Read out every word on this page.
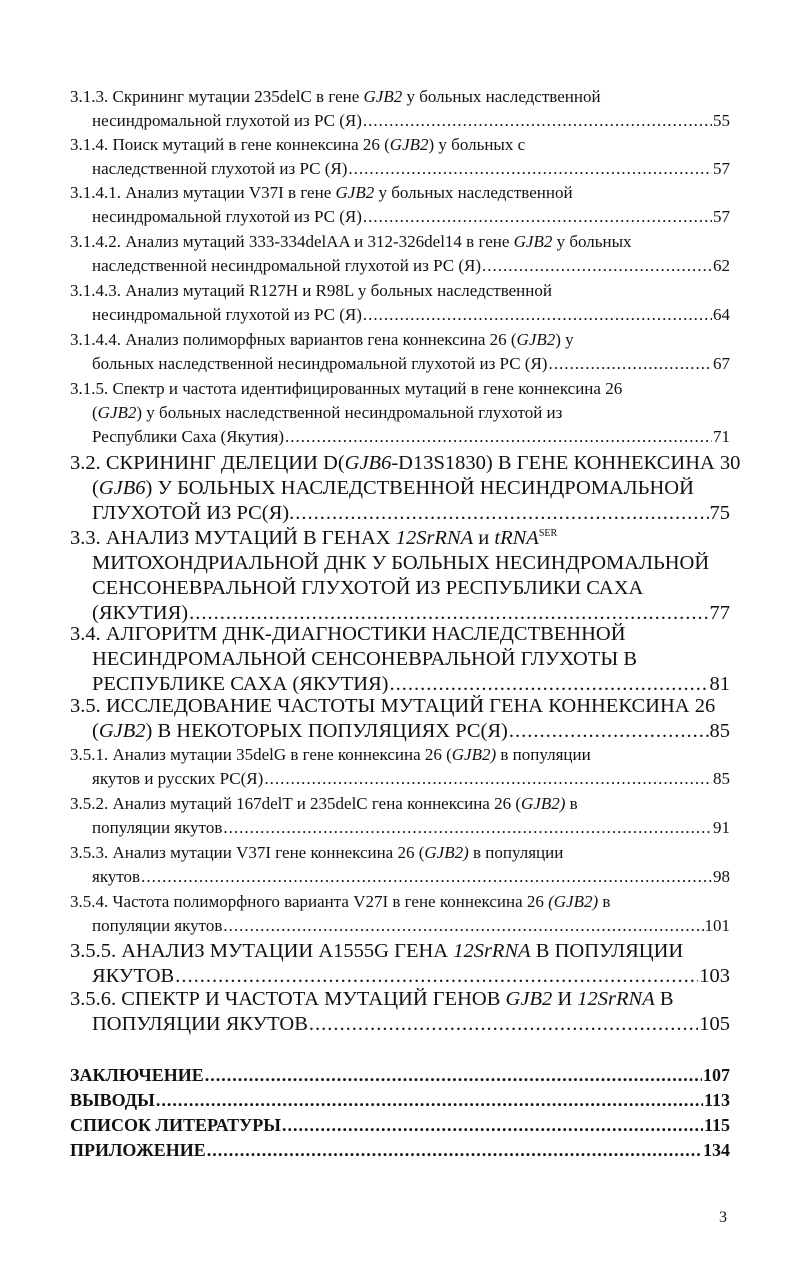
3.1.3. Скрининг мутации 235delC в гене GJB2 у больных наследственной
несиндромальной глухотой из РС (Я) .....	55
3.1.4. Поиск мутаций в гене коннексина 26 (GJB2) у больных с
наследственной глухотой из РС (Я) .....	57
3.1.4.1. Анализ мутации V37I в гене GJB2 у больных наследственной
несиндромальной глухотой из РС (Я) .....	57
3.1.4.2. Анализ мутаций 333-334delAA и 312-326del14 в гене GJB2 у больных
наследственной несиндромальной глухотой из РС (Я) .....	62
3.1.4.3. Анализ мутаций R127H и R98L у больных наследственной
несиндромальной глухотой из РС (Я) .....	64
3.1.4.4. Анализ полиморфных вариантов гена коннексина 26 (GJB2) у
больных наследственной несиндромальной глухотой из РС (Я) .....	67
3.1.5. Спектр и частота идентифицированных мутаций в гене коннексина 26
(GJB2) у больных наследственной несиндромальной глухотой из
Республики Саха (Якутия) .....	71
3.2. СКРИНИНГ ДЕЛЕЦИИ D(GJB6-D13S1830) В ГЕНЕ КОННЕКСИНА 30
(GJB6) У БОЛЬНЫХ НАСЛЕДСТВЕННОЙ НЕСИНДРОМАЛЬНОЙ
ГЛУХОТОЙ ИЗ РС(Я). .....	75
3.3. АНАЛИЗ МУТАЦИЙ В ГЕНАХ 12SrRNA и tRNA$^{SER}$
МИТОХОНДРИАЛЬНОЙ ДНК У БОЛЬНЫХ НЕСИНДРОМАЛЬНОЙ
СЕНСОНЕВРАЛЬНОЙ ГЛУХОТОЙ ИЗ РЕСПУБЛИКИ САХА
(ЯКУТИЯ) .....	77
3.4. АЛГОРИТМ ДНК-ДИАГНОСТИКИ НАСЛЕДСТВЕННОЙ
НЕСИНДРОМАЛЬНОЙ СЕНСОНЕВРАЛЬНОЙ ГЛУХОТЫ В
РЕСПУБЛИКЕ САХА (ЯКУТИЯ) .....	81
3.5. ИССЛЕДОВАНИЕ ЧАСТОТЫ МУТАЦИЙ ГЕНА КОННЕКСИНА 26
(GJB2) В НЕКОТОРЫХ ПОПУЛЯЦИЯХ РС(Я) .....	85
3.5.1. Анализ мутации 35delG в гене коннексина 26 (GJB2) в популяции
якутов и русских РС(Я) .....	85
3.5.2. Анализ мутаций 167delT и 235delC гена коннексина 26 (GJB2) в
популяции якутов .....	91
3.5.3. Анализ мутации V37I гене коннексина 26 (GJB2) в популяции
якутов .....	98
3.5.4. Частота полиморфного варианта V27I в гене коннексина 26 (GJB2) в
популяции якутов .....	101
3.5.5. АНАЛИЗ МУТАЦИИ A1555G ГЕНА 12SrRNA В ПОПУЛЯЦИИ
ЯКУТОВ .....	103
3.5.6. СПЕКТР И ЧАСТОТА МУТАЦИЙ ГЕНОВ GJB2 И 12SrRNA В
ПОПУЛЯЦИИ ЯКУТОВ .....	105
ЗАКЛЮЧЕНИЕ .....	107
ВЫВОДЫ .....	113
СПИСОК ЛИТЕРАТУРЫ .....	115
ПРИЛОЖЕНИЕ .....	134
3
